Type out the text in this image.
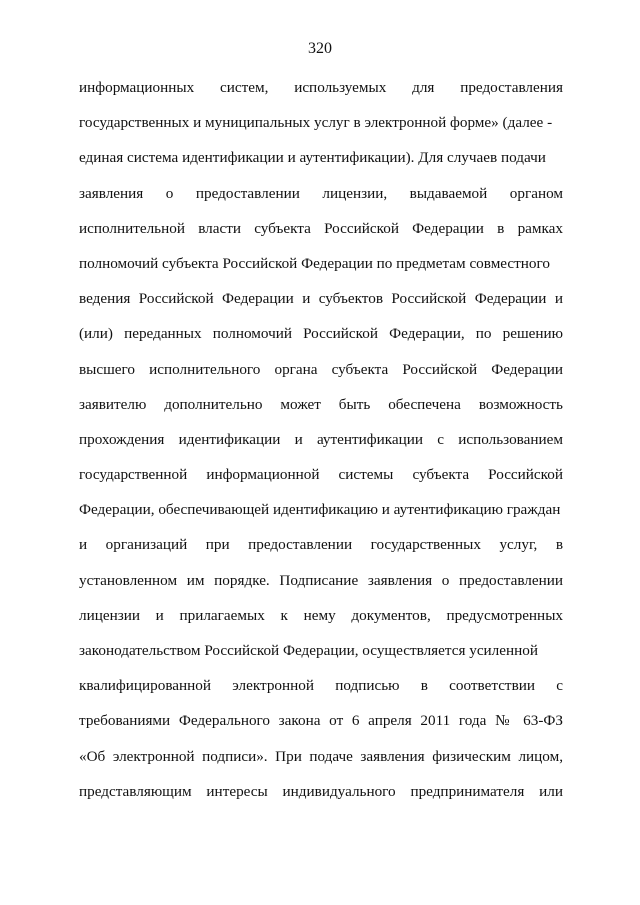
320
информационных систем, используемых для предоставления
государственных и муниципальных услуг в электронной форме» (далее -
единая система идентификации и аутентификации). Для случаев подачи
заявления о предоставлении лицензии, выдаваемой органом
исполнительной власти субъекта Российской Федерации в рамках
полномочий субъекта Российской Федерации по предметам совместного
ведения Российской Федерации и субъектов Российской Федерации и
(или) переданных полномочий Российской Федерации, по решению
высшего исполнительного органа субъекта Российской Федерации
заявителю дополнительно может быть обеспечена возможность
прохождения идентификации и аутентификации с использованием
государственной информационной системы субъекта Российской
Федерации, обеспечивающей идентификацию и аутентификацию граждан
и организаций при предоставлении государственных услуг, в
установленном им порядке. Подписание заявления о предоставлении
лицензии и прилагаемых к нему документов, предусмотренных
законодательством Российской Федерации, осуществляется усиленной
квалифицированной электронной подписью в соответствии с
требованиями Федерального закона от 6 апреля 2011 года № 63-ФЗ
«Об электронной подписи». При подаче заявления физическим лицом,
представляющим интересы индивидуального предпринимателя или
